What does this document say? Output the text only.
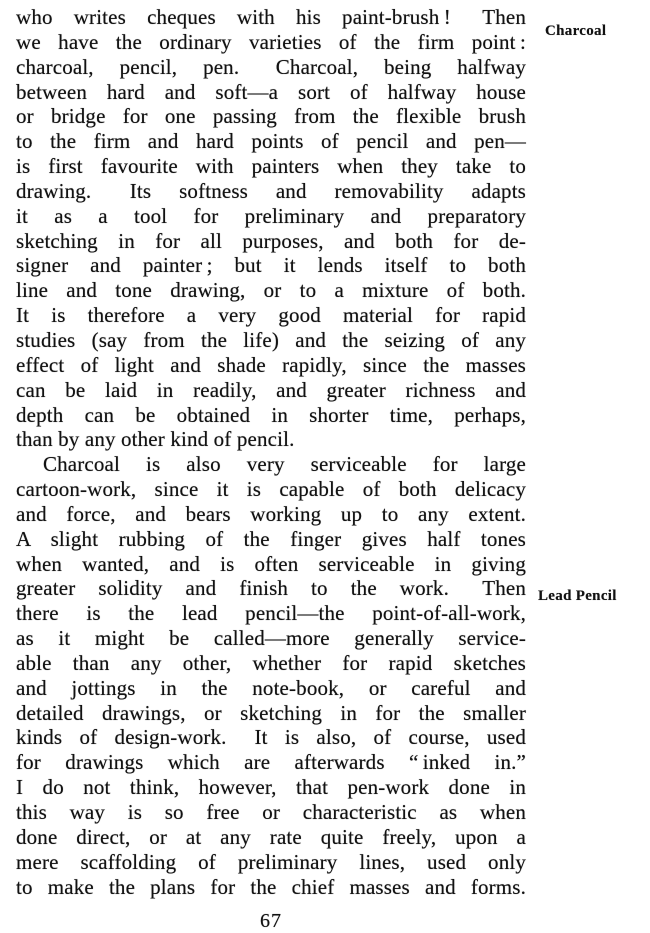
who writes cheques with his paint-brush !  Then
we have the ordinary varieties of the firm point :
charcoal, pencil, pen.  Charcoal, being halfway
between hard and soft—a sort of halfway house
or bridge for one passing from the flexible brush
to the firm and hard points of pencil and pen—
is first favourite with painters when they take to
drawing.  Its softness and removability adapts
it as a tool for preliminary and preparatory
sketching in for all purposes, and both for de-
signer and painter ; but it lends itself to both
line and tone drawing, or to a mixture of both.
It is therefore a very good material for rapid
studies (say from the life) and the seizing of any
effect of light and shade rapidly, since the masses
can be laid in readily, and greater richness and
depth can be obtained in shorter time, perhaps,
than by any other kind of pencil.
Charcoal is also very serviceable for large
cartoon-work, since it is capable of both delicacy
and force, and bears working up to any extent.
A slight rubbing of the finger gives half tones
when wanted, and is often serviceable in giving
greater solidity and finish to the work.  Then
there is the lead pencil—the point-of-all-work,
as it might be called—more generally service-
able than any other, whether for rapid sketches
and jottings in the note-book, or careful and
detailed drawings, or sketching in for the smaller
kinds of design-work.  It is also, of course, used
for drawings which are afterwards “ inked in.”
I do not think, however, that pen-work done in
this way is so free or characteristic as when
done direct, or at any rate quite freely, upon a
mere scaffolding of preliminary lines, used only
to make the plans for the chief masses and forms.
Charcoal
Lead Pencil
67
